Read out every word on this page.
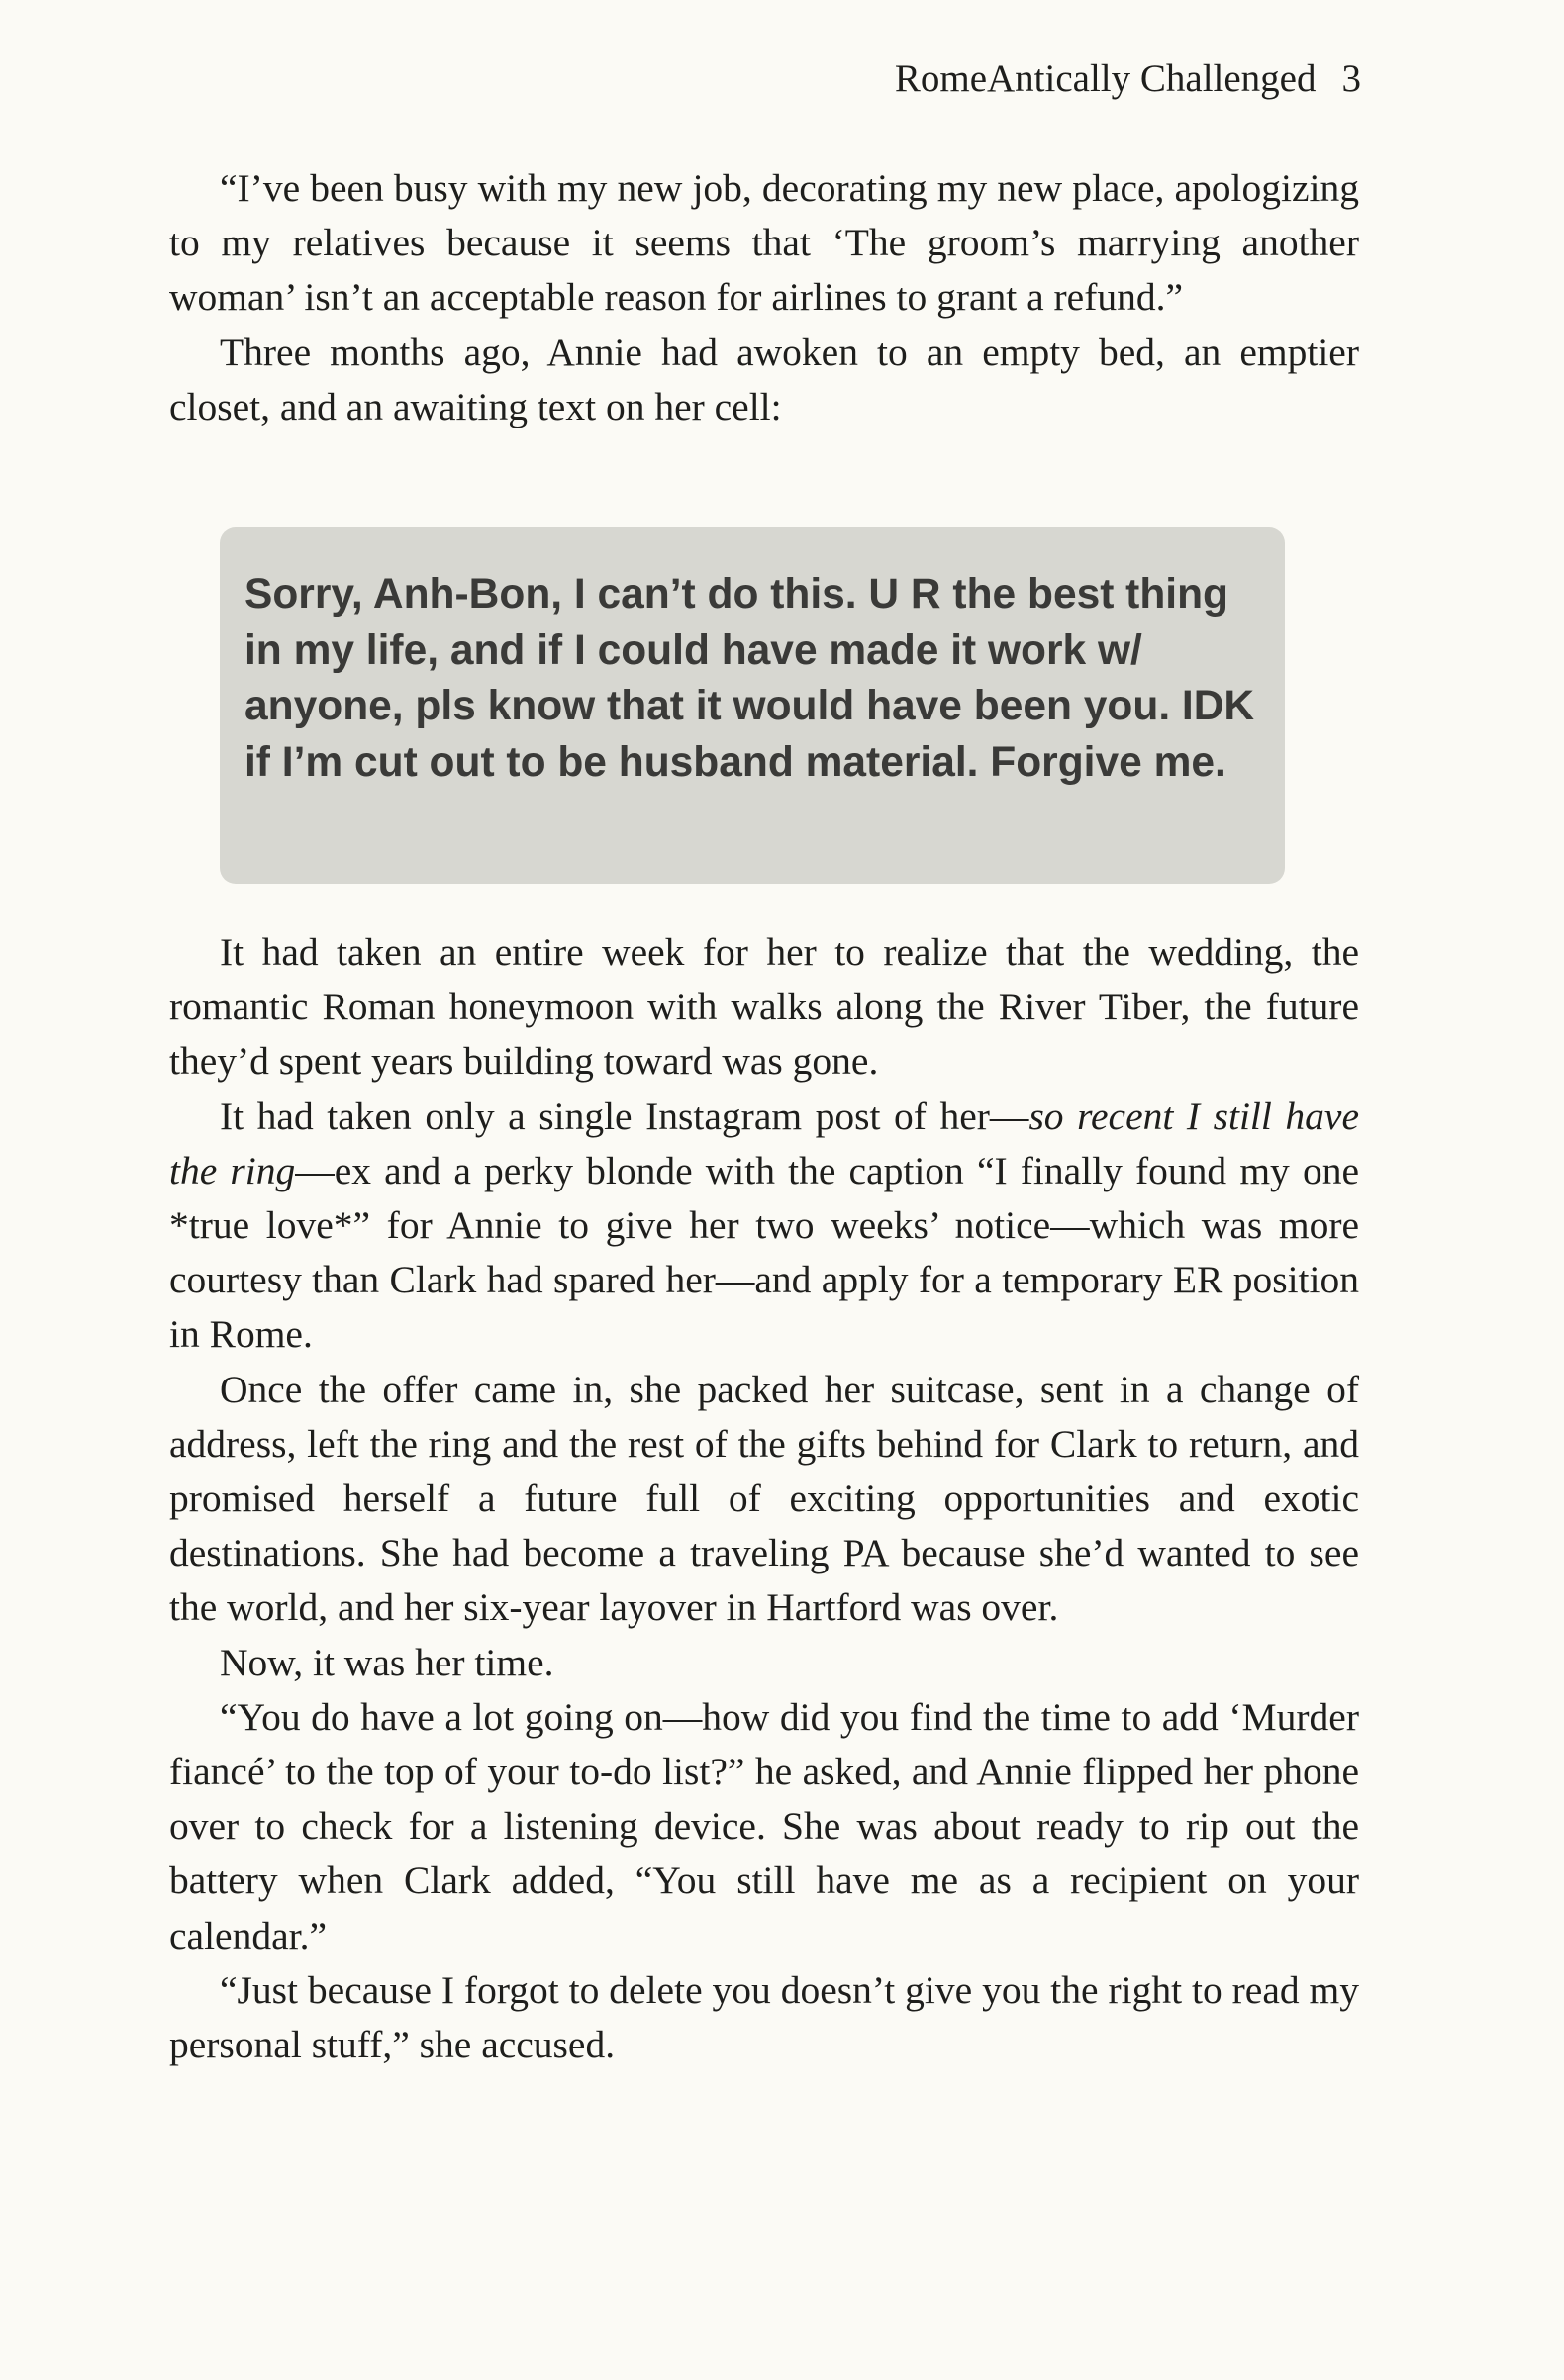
RomeAntically Challenged 3

“I’ve been busy with my new job, decorating my new place, apologizing to my relatives because it seems that ‘The groom’s marrying another woman’ isn’t an acceptable reason for airlines to grant a refund.”

Three months ago, Annie had awoken to an empty bed, an emptier closet, and an awaiting text on her cell:

Sorry, Anh-Bon, I can’t do this. U R the best thing in my life, and if I could have made it work w/ anyone, pls know that it would have been you. IDK if I’m cut out to be husband material. Forgive me.

It had taken an entire week for her to realize that the wedding, the romantic Roman honeymoon with walks along the River Tiber, the future they’d spent years building toward was gone.

It had taken only a single Instagram post of her—so recent I still have the ring—ex and a perky blonde with the caption “I finally found my one *true love*” for Annie to give her two weeks’ notice—which was more courtesy than Clark had spared her—and apply for a temporary ER position in Rome.

Once the offer came in, she packed her suitcase, sent in a change of address, left the ring and the rest of the gifts behind for Clark to return, and promised herself a future full of exciting opportunities and exotic destinations. She had become a traveling PA because she’d wanted to see the world, and her six-year layover in Hartford was over.

Now, it was her time.

“You do have a lot going on—how did you find the time to add ‘Murder fiancé’ to the top of your to-do list?” he asked, and Annie flipped her phone over to check for a listening device. She was about ready to rip out the battery when Clark added, “You still have me as a recipient on your calendar.”

“Just because I forgot to delete you doesn’t give you the right to read my personal stuff,” she accused.
